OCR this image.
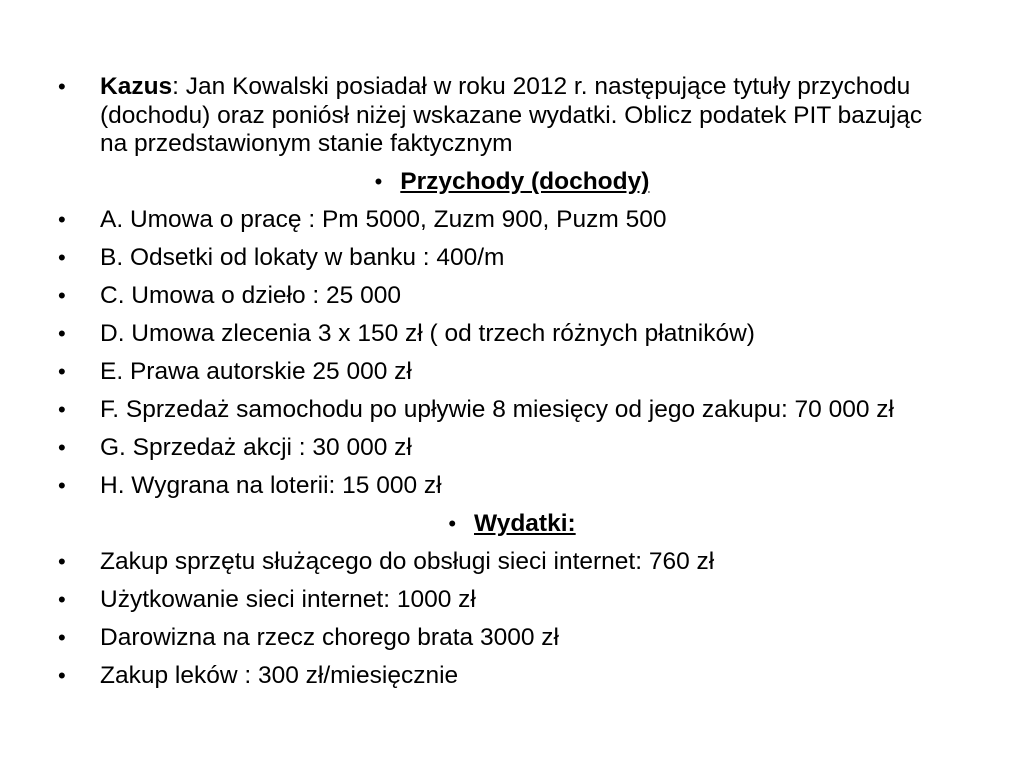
• Kazus: Jan Kowalski posiadał w roku 2012 r. następujące tytuły przychodu (dochodu) oraz poniósł niżej wskazane wydatki. Oblicz podatek PIT bazując na przedstawionym stanie faktycznym
• Przychody (dochody)
• A. Umowa o pracę : Pm 5000, Zuzm 900, Puzm 500
• B. Odsetki od lokaty w banku : 400/m
• C. Umowa o dzieło : 25 000
• D. Umowa zlecenia 3 x 150 zł ( od trzech różnych płatników)
• E. Prawa autorskie 25 000 zł
• F. Sprzedaż samochodu po upływie 8 miesięcy od jego zakupu: 70 000 zł
• G. Sprzedaż akcji : 30 000 zł
• H. Wygrana na loterii: 15 000 zł
• Wydatki:
• Zakup sprzętu służącego do obsługi sieci internet: 760 zł
• Użytkowanie sieci internet: 1000 zł
• Darowizna na rzecz chorego brata 3000 zł
• Zakup leków : 300 zł/miesięcznie
